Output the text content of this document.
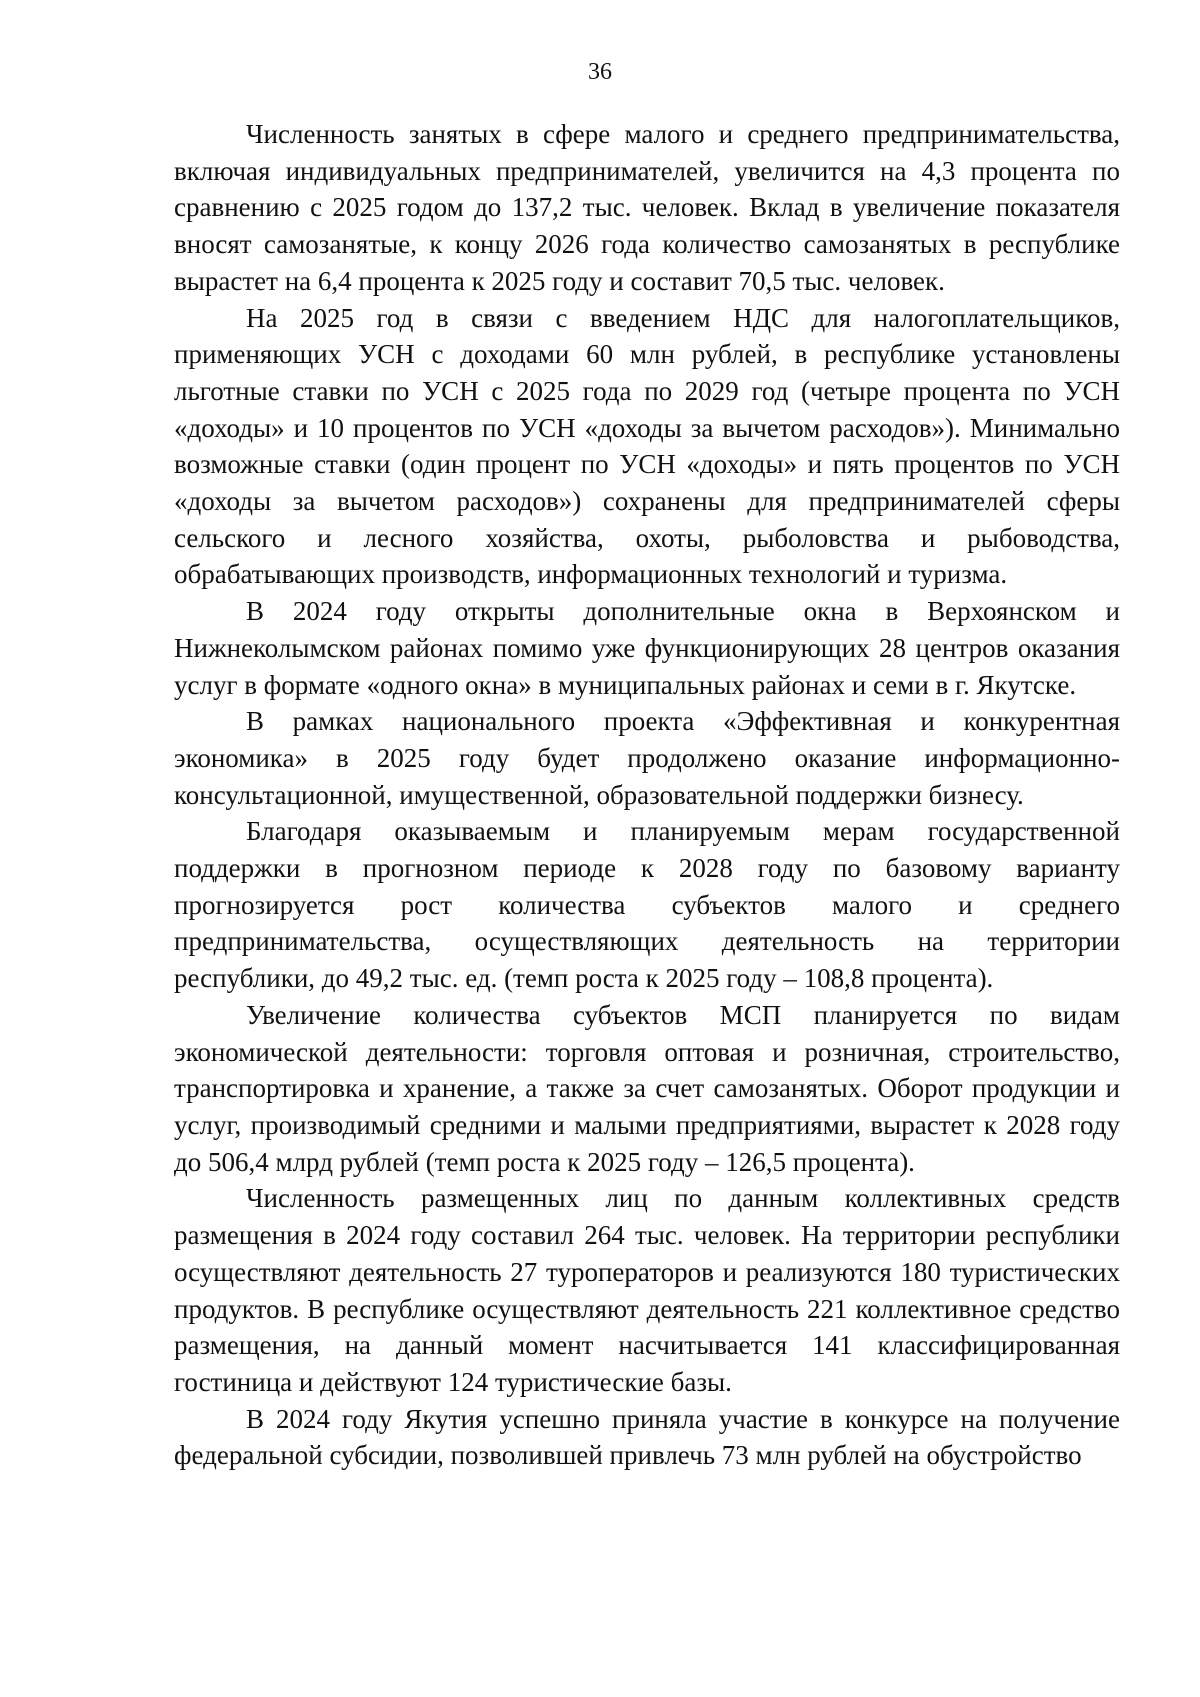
36

Численность занятых в сфере малого и среднего предпринимательства, включая индивидуальных предпринимателей, увеличится на 4,3 процента по сравнению с 2025 годом до 137,2 тыс. человек. Вклад в увеличение показателя вносят самозанятые, к концу 2026 года количество самозанятых в республике вырастет на 6,4 процента к 2025 году и составит 70,5 тыс. человек.

На 2025 год в связи с введением НДС для налогоплательщиков, применяющих УСН с доходами 60 млн рублей, в республике установлены льготные ставки по УСН с 2025 года по 2029 год (четыре процента по УСН «доходы» и 10 процентов по УСН «доходы за вычетом расходов»). Минимально возможные ставки (один процент по УСН «доходы» и пять процентов по УСН «доходы за вычетом расходов») сохранены для предпринимателей сферы сельского и лесного хозяйства, охоты, рыболовства и рыбоводства, обрабатывающих производств, информационных технологий и туризма.

В 2024 году открыты дополнительные окна в Верхоянском и Нижнеколымском районах помимо уже функционирующих 28 центров оказания услуг в формате «одного окна» в муниципальных районах и семи в г. Якутске.

В рамках национального проекта «Эффективная и конкурентная экономика» в 2025 году будет продолжено оказание информационно-консультационной, имущественной, образовательной поддержки бизнесу.

Благодаря оказываемым и планируемым мерам государственной поддержки в прогнозном периоде к 2028 году по базовому варианту прогнозируется рост количества субъектов малого и среднего предпринимательства, осуществляющих деятельность на территории республики, до 49,2 тыс. ед. (темп роста к 2025 году – 108,8 процента).

Увеличение количества субъектов МСП планируется по видам экономической деятельности: торговля оптовая и розничная, строительство, транспортировка и хранение, а также за счет самозанятых. Оборот продукции и услуг, производимый средними и малыми предприятиями, вырастет к 2028 году до 506,4 млрд рублей (темп роста к 2025 году – 126,5 процента).

Численность размещенных лиц по данным коллективных средств размещения в 2024 году составил 264 тыс. человек. На территории республики осуществляют деятельность 27 туроператоров и реализуются 180 туристических продуктов. В республике осуществляют деятельность 221 коллективное средство размещения, на данный момент насчитывается 141 классифицированная гостиница и действуют 124 туристические базы.

В 2024 году Якутия успешно приняла участие в конкурсе на получение федеральной субсидии, позволившей привлечь 73 млн рублей на обустройство
